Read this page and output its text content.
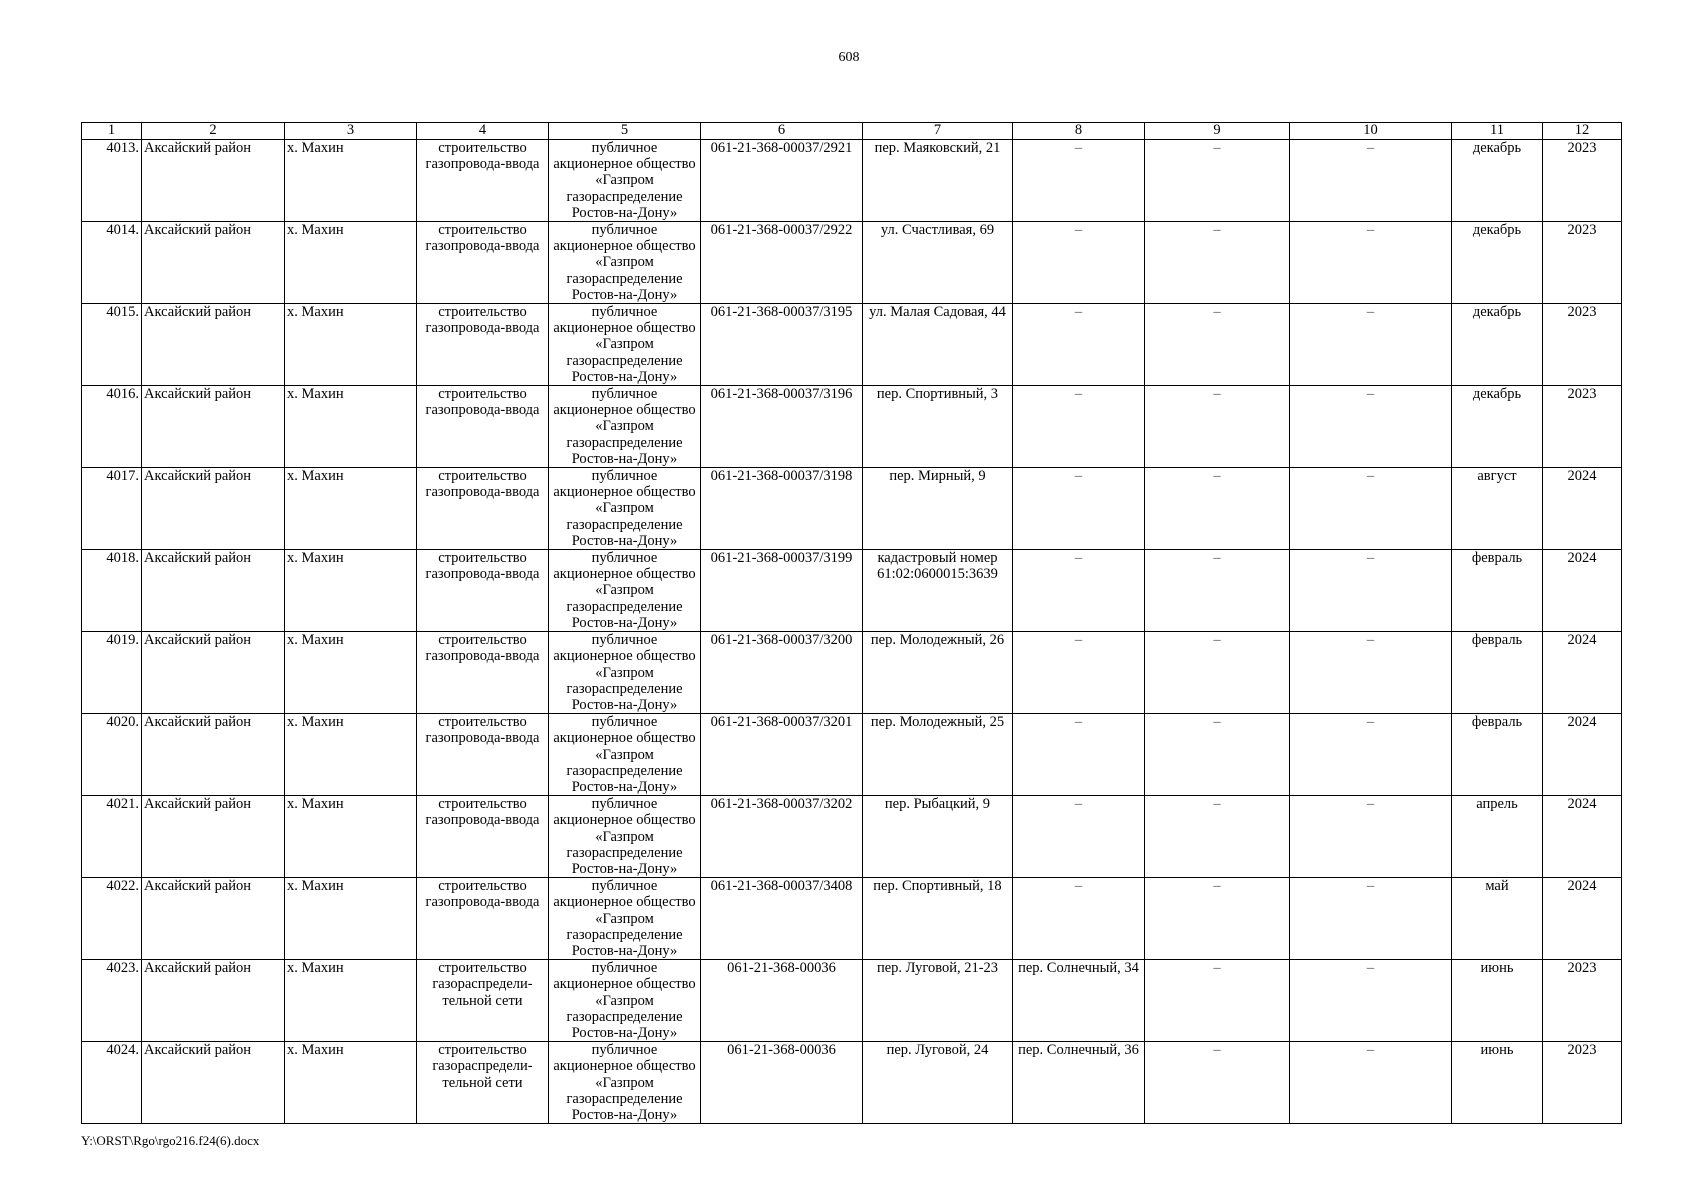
608
1	2	3	4	5	6	7	8	9	10	11	12
4013.	Аксайский район	х. Махин	строительство газопровода-ввода	публичное акционерное общество «Газпром газораспределение Ростов-на-Дону»	061-21-368-00037/2921	пер. Маяковский, 21	–	–	–	декабрь	2023
4014.	Аксайский район	х. Махин	строительство газопровода-ввода	публичное акционерное общество «Газпром газораспределение Ростов-на-Дону»	061-21-368-00037/2922	ул. Счастливая, 69	–	–	–	декабрь	2023
4015.	Аксайский район	х. Махин	строительство газопровода-ввода	публичное акционерное общество «Газпром газораспределение Ростов-на-Дону»	061-21-368-00037/3195	ул. Малая Садовая, 44	–	–	–	декабрь	2023
4016.	Аксайский район	х. Махин	строительство газопровода-ввода	публичное акционерное общество «Газпром газораспределение Ростов-на-Дону»	061-21-368-00037/3196	пер. Спортивный, 3	–	–	–	декабрь	2023
4017.	Аксайский район	х. Махин	строительство газопровода-ввода	публичное акционерное общество «Газпром газораспределение Ростов-на-Дону»	061-21-368-00037/3198	пер. Мирный, 9	–	–	–	август	2024
4018.	Аксайский район	х. Махин	строительство газопровода-ввода	публичное акционерное общество «Газпром газораспределение Ростов-на-Дону»	061-21-368-00037/3199	кадастровый номер 61:02:0600015:3639	–	–	–	февраль	2024
4019.	Аксайский район	х. Махин	строительство газопровода-ввода	публичное акционерное общество «Газпром газораспределение Ростов-на-Дону»	061-21-368-00037/3200	пер. Молодежный, 26	–	–	–	февраль	2024
4020.	Аксайский район	х. Махин	строительство газопровода-ввода	публичное акционерное общество «Газпром газораспределение Ростов-на-Дону»	061-21-368-00037/3201	пер. Молодежный, 25	–	–	–	февраль	2024
4021.	Аксайский район	х. Махин	строительство газопровода-ввода	публичное акционерное общество «Газпром газораспределение Ростов-на-Дону»	061-21-368-00037/3202	пер. Рыбацкий, 9	–	–	–	апрель	2024
4022.	Аксайский район	х. Махин	строительство газопровода-ввода	публичное акционерное общество «Газпром газораспределение Ростов-на-Дону»	061-21-368-00037/3408	пер. Спортивный, 18	–	–	–	май	2024
4023.	Аксайский район	х. Махин	строительство газораспредели-тельной сети	публичное акционерное общество «Газпром газораспределение Ростов-на-Дону»	061-21-368-00036	пер. Луговой, 21-23	пер. Солнечный, 34	–	–	июнь	2023
4024.	Аксайский район	х. Махин	строительство газораспредели-тельной сети	публичное акционерное общество «Газпром газораспределение Ростов-на-Дону»	061-21-368-00036	пер. Луговой, 24	пер. Солнечный, 36	–	–	июнь	2023
Y:\ORST\Rgo\rgo216.f24(6).docx
